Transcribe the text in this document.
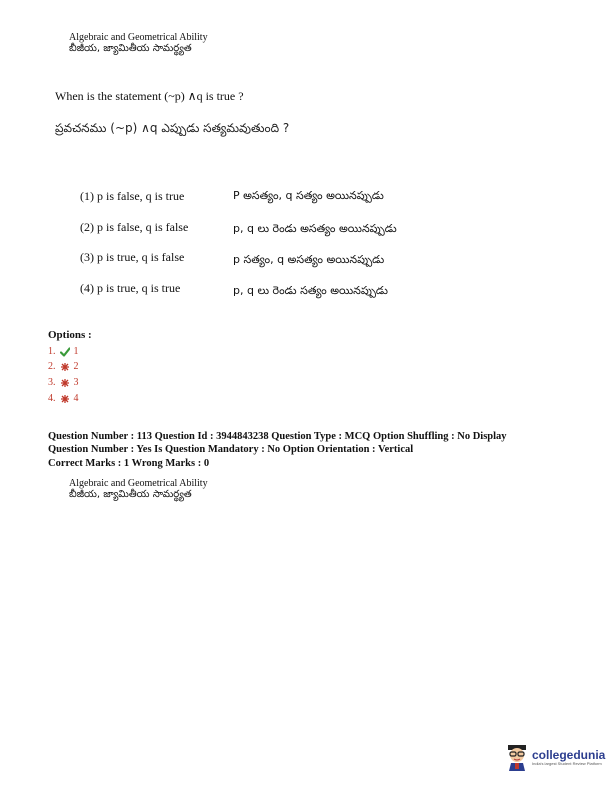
Algebraic and Geometrical Ability
బీజీయ, జ్యామితీయ సామర్థ్యత
When is the statement (~p) ∧q is true ?
ప్రవచనము (~p) ∧q ఎప్పుడు సత్యమవుతుంది ?
(1) p is false, q is true	P అసత్యం, q సత్యం అయినప్పుడు
(2) p is false, q is false	p, q లు రెండు అసత్యం అయినప్పుడు
(3) p is true, q is false	p సత్యం, q అసత్యం అయినప్పుడు
(4) p is true, q is true	p, q లు రెండు సత్యం అయినప్పుడు
Options :
1. 1
2. 2
3. 3
4. 4
Question Number : 113 Question Id : 3944843238 Question Type : MCQ Option Shuffling : No Display
Question Number : Yes Is Question Mandatory : No Option Orientation : Vertical
Correct Marks : 1 Wrong Marks : 0
Algebraic and Geometrical Ability
బీజీయ, జ్యామితీయ సామర్థ్యత
collegedunia
India's largest Student Review Platform
